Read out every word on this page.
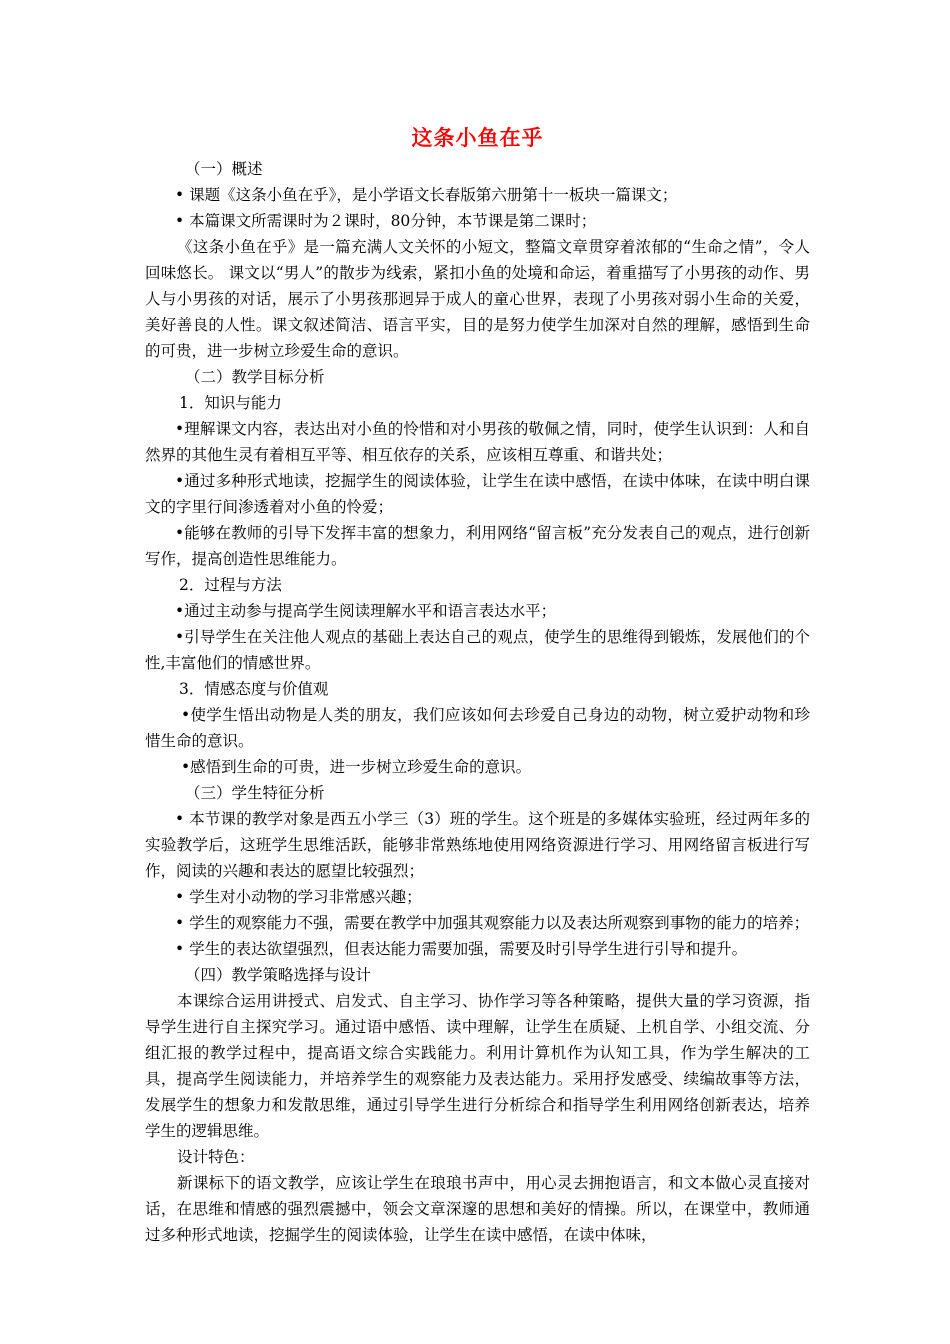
这条小鱼在乎

（一）概述

• 课题《这条小鱼在乎》，是小学语文长春版第六册第十一板块一篇课文；

• 本篇课文所需课时为２课时，80分钟，本节课是第二课时；

《这条小鱼在乎》是一篇充满人文关怀的小短文，整篇文章贯穿着浓郁的“生命之情”，令人回味悠长。 课文以“男人”的散步为线索，紧扣小鱼的处境和命运，着重描写了小男孩的动作、男人与小男孩的对话，展示了小男孩那迥异于成人的童心世界，表现了小男孩对弱小生命的关爱，美好善良的人性。课文叙述简洁、语言平实，目的是努力使学生加深对自然的理解，感悟到生命的可贵，进一步树立珍爱生命的意识。

（二）教学目标分析

1．知识与能力

•理解课文内容，表达出对小鱼的怜惜和对小男孩的敬佩之情，同时，使学生认识到：人和自然界的其他生灵有着相互平等、相互依存的关系，应该相互尊重、和谐共处；

•通过多种形式地读，挖掘学生的阅读体验，让学生在读中感悟，在读中体味，在读中明白课文的字里行间渗透着对小鱼的怜爱；

•能够在教师的引导下发挥丰富的想象力，利用网络“留言板”充分发表自己的观点，进行创新写作，提高创造性思维能力。

2．过程与方法

•通过主动参与提高学生阅读理解水平和语言表达水平；

•引导学生在关注他人观点的基础上表达自己的观点，使学生的思维得到锻炼，发展他们的个性,丰富他们的情感世界。

3．情感态度与价值观

•使学生悟出动物是人类的朋友，我们应该如何去珍爱自己身边的动物，树立爱护动物和珍惜生命的意识。

•感悟到生命的可贵，进一步树立珍爱生命的意识。

（三）学生特征分析

• 本节课的教学对象是西五小学三（3）班的学生。这个班是的多媒体实验班，经过两年多的实验教学后，这班学生思维活跃，能够非常熟练地使用网络资源进行学习、用网络留言板进行写作，阅读的兴趣和表达的愿望比较强烈；

• 学生对小动物的学习非常感兴趣；

• 学生的观察能力不强，需要在教学中加强其观察能力以及表达所观察到事物的能力的培养；

• 学生的表达欲望强烈，但表达能力需要加强，需要及时引导学生进行引导和提升。

（四）教学策略选择与设计

本课综合运用讲授式、启发式、自主学习、协作学习等各种策略，提供大量的学习资源，指导学生进行自主探究学习。通过语中感悟、读中理解，让学生在质疑、上机自学、小组交流、分组汇报的教学过程中，提高语文综合实践能力。利用计算机作为认知工具，作为学生解决的工具，提高学生阅读能力，并培养学生的观察能力及表达能力。采用抒发感受、续编故事等方法，发展学生的想象力和发散思维，通过引导学生进行分析综合和指导学生利用网络创新表达，培养学生的逻辑思维。

设计特色：

新课标下的语文教学，应该让学生在琅琅书声中，用心灵去拥抱语言，和文本做心灵直接对话，在思维和情感的强烈震撼中，领会文章深邃的思想和美好的情操。所以，在课堂中，教师通过多种形式地读，挖掘学生的阅读体验，让学生在读中感悟，在读中体味，
